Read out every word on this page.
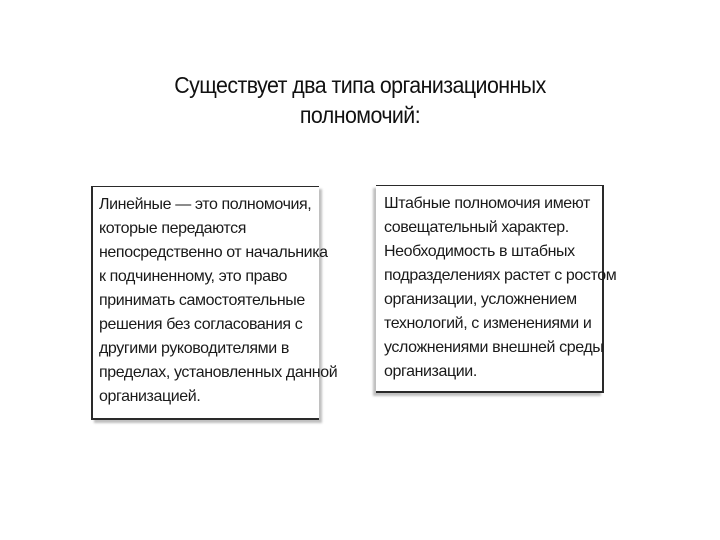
Существует два типа организационных
полномочий:
Линейные — это полномочия,
которые передаются
непосредственно от начальника
к подчиненному, это право
принимать самостоятельные
решения без согласования с
другими руководителями в
пределах, установленных данной
организацией.
Штабные полномочия имеют
совещательный характер.
Необходимость в штабных
подразделениях растет с ростом
организации, усложнением
технологий, с изменениями и
усложнениями внешней среды
организации.
